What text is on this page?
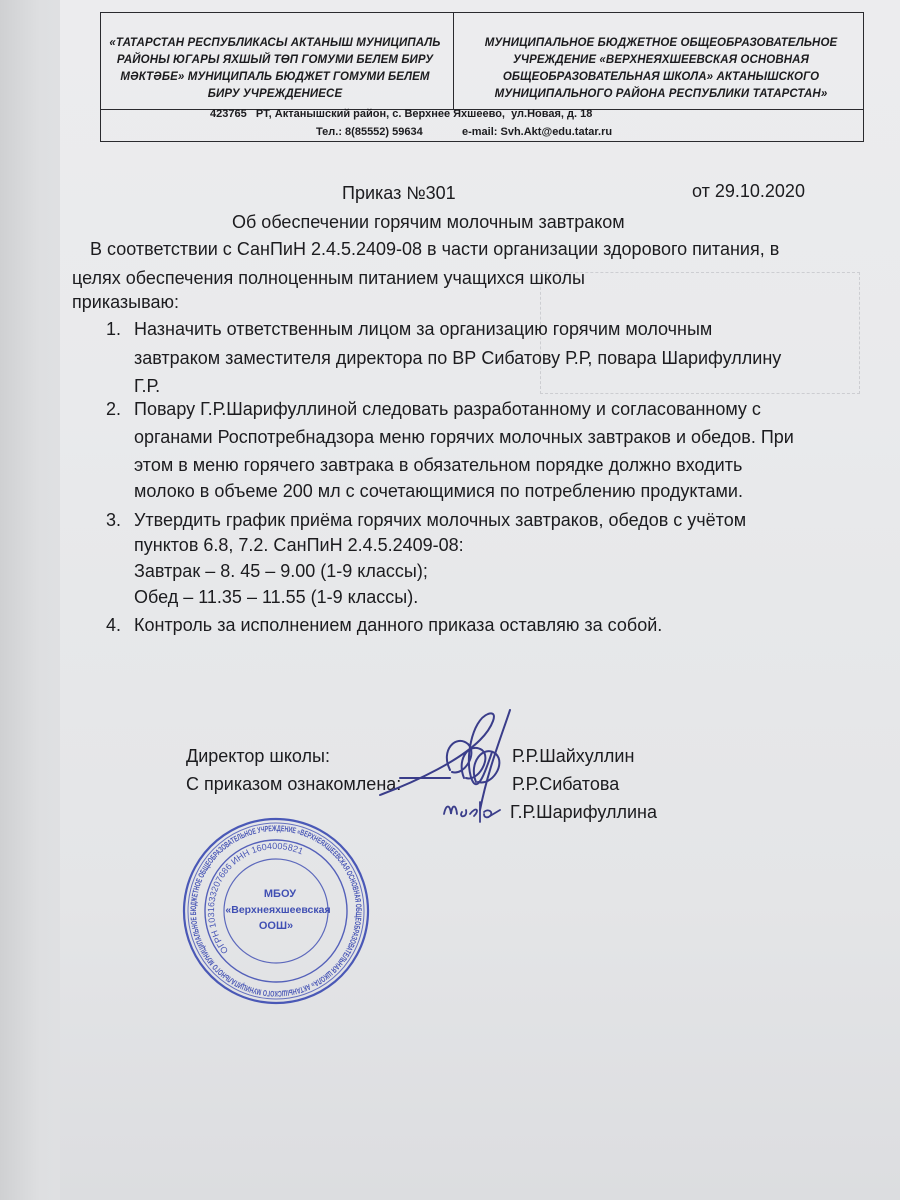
«ТАТАРСТАН РЕСПУБЛИКАСЫ АКТАНЫШ МУНИЦИПАЛЬ РАЙОНЫ ЮГАРЫ ЯХШЫЙ ТӨП ГОМУМИ БЕЛЕМ БИРУ МӘКТӘБЕ» МУНИЦИПАЛЬ БЮДЖЕТ ГОМУМИ БЕЛЕМ БИРУ УЧРЕЖДЕНИЕСЕ
МУНИЦИПАЛЬНОЕ БЮДЖЕТНОЕ ОБЩЕОБРАЗОВАТЕЛЬНОЕ УЧРЕЖДЕНИЕ «ВЕРХНЕЯХШЕЕВСКАЯ ОСНОВНАЯ ОБЩЕОБРАЗОВАТЕЛЬНАЯ ШКОЛА» АКТАНЫШСКОГО МУНИЦИПАЛЬНОГО РАЙОНА РЕСПУБЛИКИ ТАТАРСТАН»
423765   РТ, Актанышский район, с. Верхнее Яхшеево,  ул.Новая, д. 18
Тел.: 8(85552) 59634	e-mail: Svh.Akt@edu.tatar.ru
Приказ №301	от 29.10.2020
Об обеспечении горячим молочным завтраком
В соответствии с СанПиН 2.4.5.2409-08 в части организации здорового питания, в
целях обеспечения полноценным питанием учащихся школы
приказываю:
1. Назначить ответственным лицом за организацию горячим молочным
завтраком заместителя директора по ВР Сибатову Р.Р, повара Шарифуллину
Г.Р.
2. Повару Г.Р.Шарифуллиной следовать разработанному и согласованному с
органами Роспотребнадзора меню горячих молочных завтраков и обедов. При
этом в меню горячего завтрака в обязательном порядке должно входить
молоко в объеме 200 мл с сочетающимися по потреблению продуктами.
3. Утвердить график приёма горячих молочных завтраков, обедов с учётом
пунктов 6.8, 7.2. СанПиН 2.4.5.2409-08:
Завтрак – 8. 45 – 9.00 (1-9 классы);
Обед – 11.35 – 11.55 (1-9 классы).
4. Контроль за исполнением данного приказа оставляю за собой.
Директор школы:	Р.Р.Шайхуллин
С приказом ознакомлена:	Р.Р.Сибатова
Г.Р.Шарифуллина
МУНИЦИПАЛЬНОЕ БЮДЖЕТНОЕ ОБЩЕОБРАЗОВАТЕЛЬНОЕ УЧРЕЖДЕНИЕ «ВЕРХНЕЯХШЕЕВСКАЯ ОСНОВНАЯ ОБЩЕОБРАЗОВАТЕЛЬНАЯ ШКОЛА» АКТАНЫШСКОГО МУНИЦИПАЛЬНОГО
ОГРН 1031633207686 ИНН 1604005821
МБОУ
«Верхнеяхшеевская
ООШ»
